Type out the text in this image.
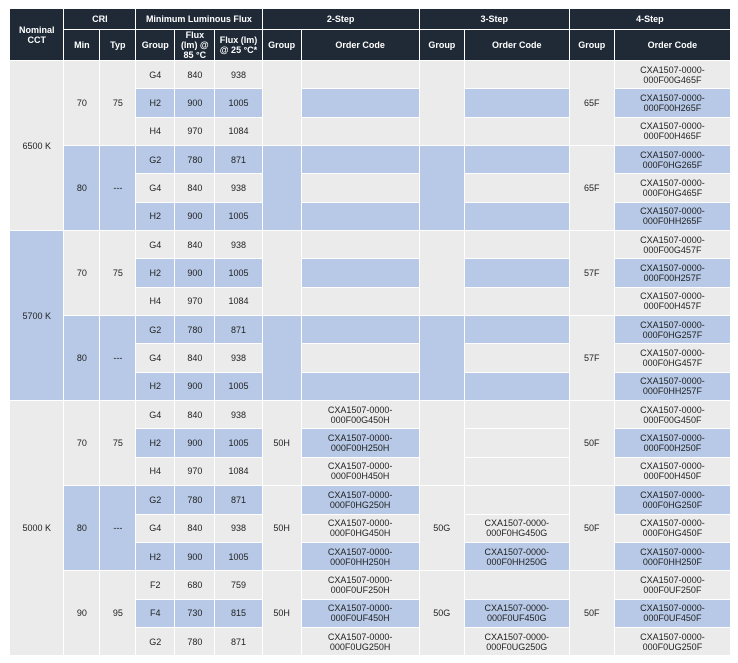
Nominal CCT	CRI		Minimum Luminous Flux			2-Step		3-Step		4-Step	
	Min	Typ	Group	Flux (lm) @ 85 °C	Flux (lm) @ 25 °C*	Group	Order Code	Group	Order Code	Group	Order Code
6500 K	70	75	G4	840	938					65F	CXA1507-0000-000F00G465F
			H2	900	1005						CXA1507-0000-000F00H265F
			H4	970	1084						CXA1507-0000-000F00H465F
	80	---	G2	780	871					65F	CXA1507-0000-000F0HG265F
			G4	840	938						CXA1507-0000-000F0HG465F
			H2	900	1005						CXA1507-0000-000F0HH265F
5700 K	70	75	G4	840	938					57F	CXA1507-0000-000F00G457F
			H2	900	1005						CXA1507-0000-000F00H257F
			H4	970	1084						CXA1507-0000-000F00H457F
	80	---	G2	780	871					57F	CXA1507-0000-000F0HG257F
			G4	840	938						CXA1507-0000-000F0HG457F
			H2	900	1005						CXA1507-0000-000F0HH257F
5000 K	70	75	G4	840	938	50H	CXA1507-0000-000F00G450H			50F	CXA1507-0000-000F00G450F
			H2	900	1005		CXA1507-0000-000F00H250H				CXA1507-0000-000F00H250F
			H4	970	1084		CXA1507-0000-000F00H450H				CXA1507-0000-000F00H450F
	80	---	G2	780	871	50H	CXA1507-0000-000F0HG250H	50G		50F	CXA1507-0000-000F0HG250F
			G4	840	938		CXA1507-0000-000F0HG450H		CXA1507-0000-000F0HG450G		CXA1507-0000-000F0HG450F
			H2	900	1005		CXA1507-0000-000F0HH250H		CXA1507-0000-000F0HH250G		CXA1507-0000-000F0HH250F
	90	95	F2	680	759	50H	CXA1507-0000-000F0UF250H	50G		50F	CXA1507-0000-000F0UF250F
			F4	730	815		CXA1507-0000-000F0UF450H		CXA1507-0000-000F0UF450G		CXA1507-0000-000F0UF450F
			G2	780	871		CXA1507-0000-000F0UG250H		CXA1507-0000-000F0UG250G		CXA1507-0000-000F0UG250F
